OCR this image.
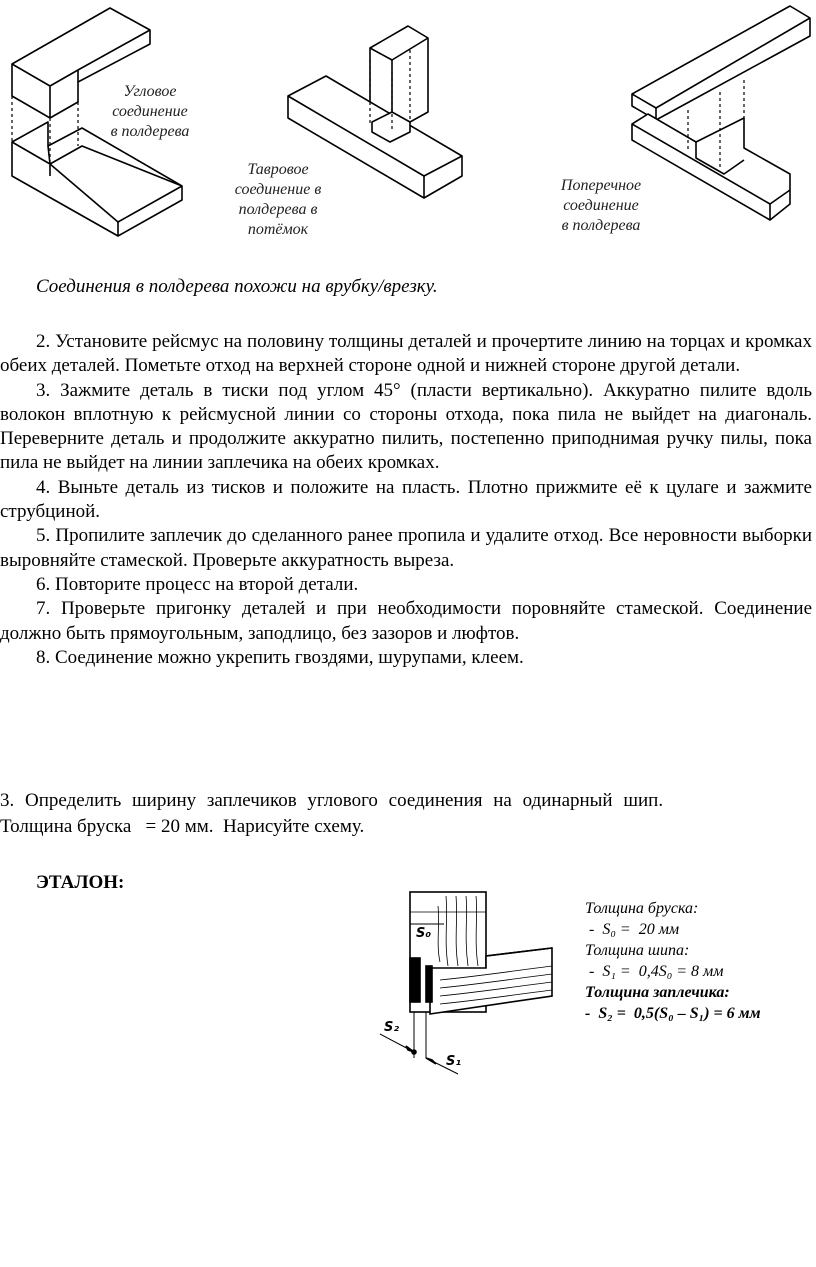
Угловое
соединение
в полдерева
Тавровое
соединение в
полдерева в
потёмок
Поперечное
соединение
в полдерева
Соединения в полдерева похожи на врубку/врезку.

2. Установите рейсмус на половину толщины деталей и прочертите линию на торцах и кромках обеих деталей. Пометьте отход на верхней стороне одной и нижней стороне другой детали.

3. Зажмите деталь в тиски под углом 45° (пласти вертикально). Аккуратно пилите вдоль волокон вплотную к рейсмусной линии со стороны отхода, пока пила не выйдет на диагональ. Переверните деталь и продолжите аккуратно пилить, постепенно приподнимая ручку пилы, пока пила не выйдет на линии заплечика на обеих кромках.

4. Выньте деталь из тисков и положите на пласть. Плотно прижмите её к цулаге и зажмите струбциной.

5. Пропилите заплечик до сделанного ранее пропила и удалите отход. Все неровности выборки выровняйте стамеской. Проверьте аккуратность выреза.

6. Повторите процесс на второй детали.

7. Проверьте пригонку деталей и при необходимости поровняйте стамеской. Соединение должно быть прямоугольным, заподлицо, без зазоров и люфтов.

8. Соединение можно укрепить гвоздями, шурупами, клеем.

3. Определить ширину заплечиков углового соединения на одинарный шип.
Толщина бруска   = 20 мм.  Нарисуйте схему.
ЭТАЛОН:
S₀
S₂
S₁
Толщина бруска:
-  S₀ =  20 мм
Толщина шипа:
-  S₁ =  0,4S₀ = 8 мм
Толщина заплечика:
-  S₂ =  0,5(S₀ – S₁) = 6 мм
